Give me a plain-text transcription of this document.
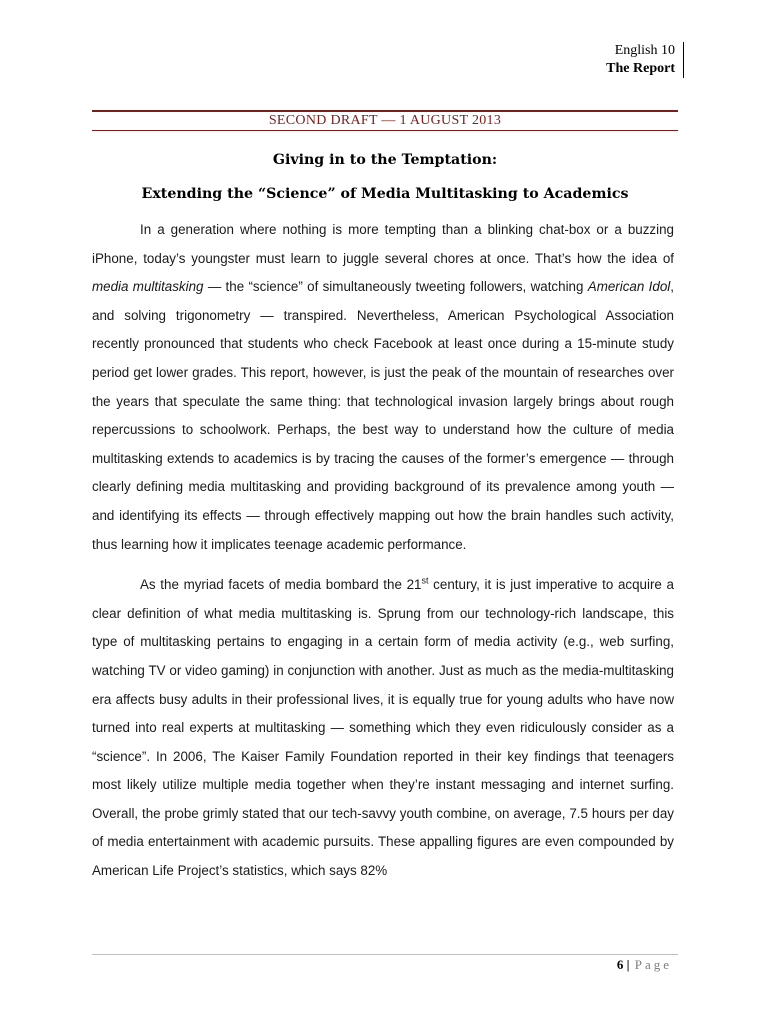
English 10
The Report
SECOND DRAFT — 1 AUGUST 2013
Giving in to the Temptation:
Extending the “Science” of Media Multitasking to Academics

In a generation where nothing is more tempting than a blinking chat-box or a buzzing iPhone, today’s youngster must learn to juggle several chores at once. That’s how the idea of media multitasking — the “science” of simultaneously tweeting followers, watching American Idol, and solving trigonometry — transpired. Nevertheless, American Psychological Association recently pronounced that students who check Facebook at least once during a 15-minute study period get lower grades. This report, however, is just the peak of the mountain of researches over the years that speculate the same thing: that technological invasion largely brings about rough repercussions to schoolwork. Perhaps, the best way to understand how the culture of media multitasking extends to academics is by tracing the causes of the former’s emergence — through clearly defining media multitasking and providing background of its prevalence among youth — and identifying its effects — through effectively mapping out how the brain handles such activity, thus learning how it implicates teenage academic performance.

As the myriad facets of media bombard the 21st century, it is just imperative to acquire a clear definition of what media multitasking is. Sprung from our technology-rich landscape, this type of multitasking pertains to engaging in a certain form of media activity (e.g., web surfing, watching TV or video gaming) in conjunction with another. Just as much as the media-multitasking era affects busy adults in their professional lives, it is equally true for young adults who have now turned into real experts at multitasking — something which they even ridiculously consider as a “science”. In 2006, The Kaiser Family Foundation reported in their key findings that teenagers most likely utilize multiple media together when they’re instant messaging and internet surfing. Overall, the probe grimly stated that our tech-savvy youth combine, on average, 7.5 hours per day of media entertainment with academic pursuits. These appalling figures are even compounded by American Life Project’s statistics, which says 82%

6 | Page
